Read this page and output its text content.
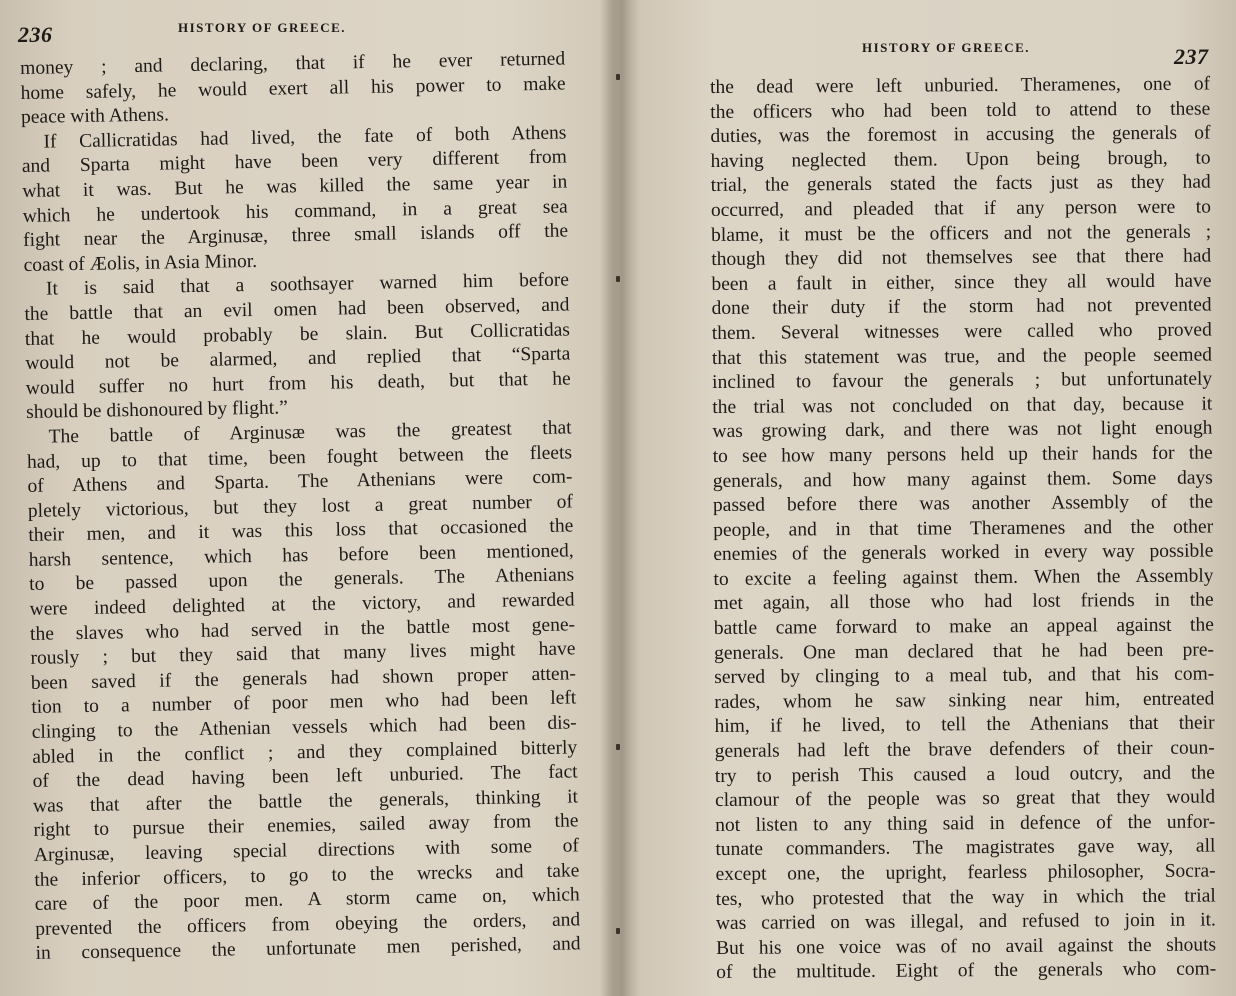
236	HISTORY OF GREECE.
money ; and declaring, that if he ever returned
home safely, he would exert all his power to make
peace with Athens.
If Callicratidas had lived, the fate of both Athens
and Sparta might have been very different from
what it was. But he was killed the same year in
which he undertook his command, in a great sea
fight near the Arginusæ, three small islands off the
coast of Æolis, in Asia Minor.
It is said that a soothsayer warned him before
the battle that an evil omen had been observed, and
that he would probably be slain. But Collicratidas
would not be alarmed, and replied that “Sparta
would suffer no hurt from his death, but that he
should be dishonoured by flight.”
The battle of Arginusæ was the greatest that
had, up to that time, been fought between the fleets
of Athens and Sparta. The Athenians were com-
pletely victorious, but they lost a great number of
their men, and it was this loss that occasioned the
harsh sentence, which has before been mentioned,
to be passed upon the generals. The Athenians
were indeed delighted at the victory, and rewarded
the slaves who had served in the battle most gene-
rously ; but they said that many lives might have
been saved if the generals had shown proper atten-
tion to a number of poor men who had been left
clinging to the Athenian vessels which had been dis-
abled in the conflict ; and they complained bitterly
of the dead having been left unburied. The fact
was that after the battle the generals, thinking it
right to pursue their enemies, sailed away from the
Arginusæ, leaving special directions with some of
the inferior officers, to go to the wrecks and take
care of the poor men. A storm came on, which
prevented the officers from obeying the orders, and
in consequence the unfortunate men perished, and
HISTORY OF GREECE.	237
the dead were left unburied. Theramenes, one of
the officers who had been told to attend to these
duties, was the foremost in accusing the generals of
having neglected them. Upon being brough, to
trial, the generals stated the facts just as they had
occurred, and pleaded that if any person were to
blame, it must be the officers and not the generals ;
though they did not themselves see that there had
been a fault in either, since they all would have
done their duty if the storm had not prevented
them. Several witnesses were called who proved
that this statement was true, and the people seemed
inclined to favour the generals ; but unfortunately
the trial was not concluded on that day, because it
was growing dark, and there was not light enough
to see how many persons held up their hands for the
generals, and how many against them. Some days
passed before there was another Assembly of the
people, and in that time Theramenes and the other
enemies of the generals worked in every way possible
to excite a feeling against them. When the Assembly
met again, all those who had lost friends in the
battle came forward to make an appeal against the
generals. One man declared that he had been pre-
served by clinging to a meal tub, and that his com-
rades, whom he saw sinking near him, entreated
him, if he lived, to tell the Athenians that their
generals had left the brave defenders of their coun-
try to perish This caused a loud outcry, and the
clamour of the people was so great that they would
not listen to any thing said in defence of the unfor-
tunate commanders. The magistrates gave way, all
except one, the upright, fearless philosopher, Socra-
tes, who protested that the way in which the trial
was carried on was illegal, and refused to join in it.
But his one voice was of no avail against the shouts
of the multitude. Eight of the generals who com-
